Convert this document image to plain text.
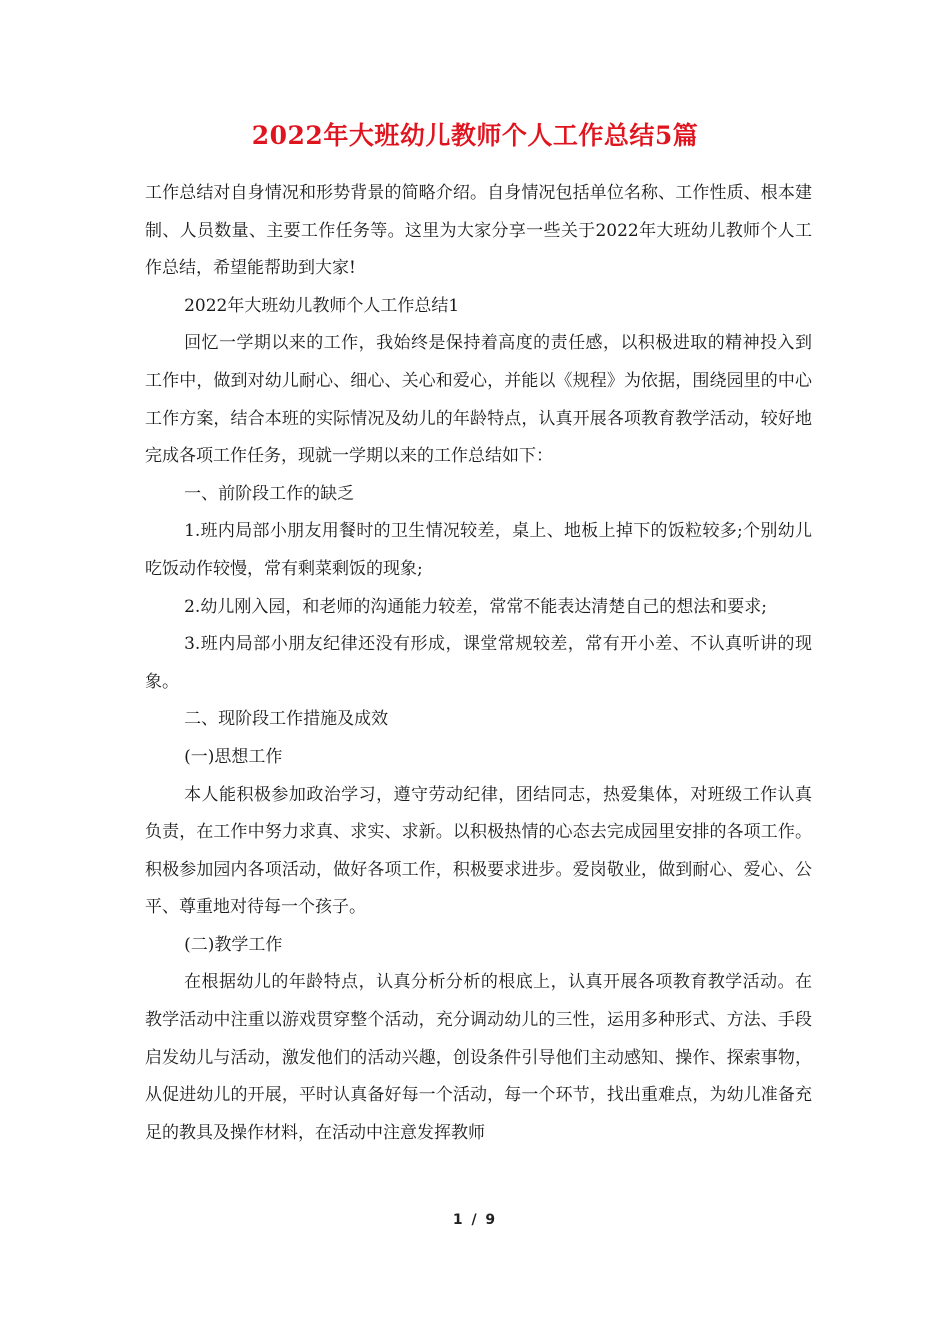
2022年大班幼儿教师个人工作总结5篇

工作总结对自身情况和形势背景的简略介绍。自身情况包括单位名称、工作性质、根本建制、人员数量、主要工作任务等。这里为大家分享一些关于2022年大班幼儿教师个人工作总结，希望能帮助到大家!

2022年大班幼儿教师个人工作总结1

回忆一学期以来的工作，我始终是保持着高度的责任感，以积极进取的精神投入到工作中，做到对幼儿耐心、细心、关心和爱心，并能以《规程》为依据，围绕园里的中心工作方案，结合本班的实际情况及幼儿的年龄特点，认真开展各项教育教学活动，较好地完成各项工作任务，现就一学期以来的工作总结如下：

一、前阶段工作的缺乏

1.班内局部小朋友用餐时的卫生情况较差，桌上、地板上掉下的饭粒较多;个别幼儿吃饭动作较慢，常有剩菜剩饭的现象;

2.幼儿刚入园，和老师的沟通能力较差，常常不能表达清楚自己的想法和要求;

3.班内局部小朋友纪律还没有形成，课堂常规较差，常有开小差、不认真听讲的现象。

二、现阶段工作措施及成效

(一)思想工作

本人能积极参加政治学习，遵守劳动纪律，团结同志，热爱集体，对班级工作认真负责，在工作中努力求真、求实、求新。以积极热情的心态去完成园里安排的各项工作。积极参加园内各项活动，做好各项工作，积极要求进步。爱岗敬业，做到耐心、爱心、公平、尊重地对待每一个孩子。

(二)教学工作

在根据幼儿的年龄特点，认真分析分析的根底上，认真开展各项教育教学活动。在教学活动中注重以游戏贯穿整个活动，充分调动幼儿的三性，运用多种形式、方法、手段启发幼儿与活动，激发他们的活动兴趣，创设条件引导他们主动感知、操作、探索事物，从促进幼儿的开展，平时认真备好每一个活动，每一个环节，找出重难点，为幼儿准备充足的教具及操作材料，在活动中注意发挥教师

1 / 9
